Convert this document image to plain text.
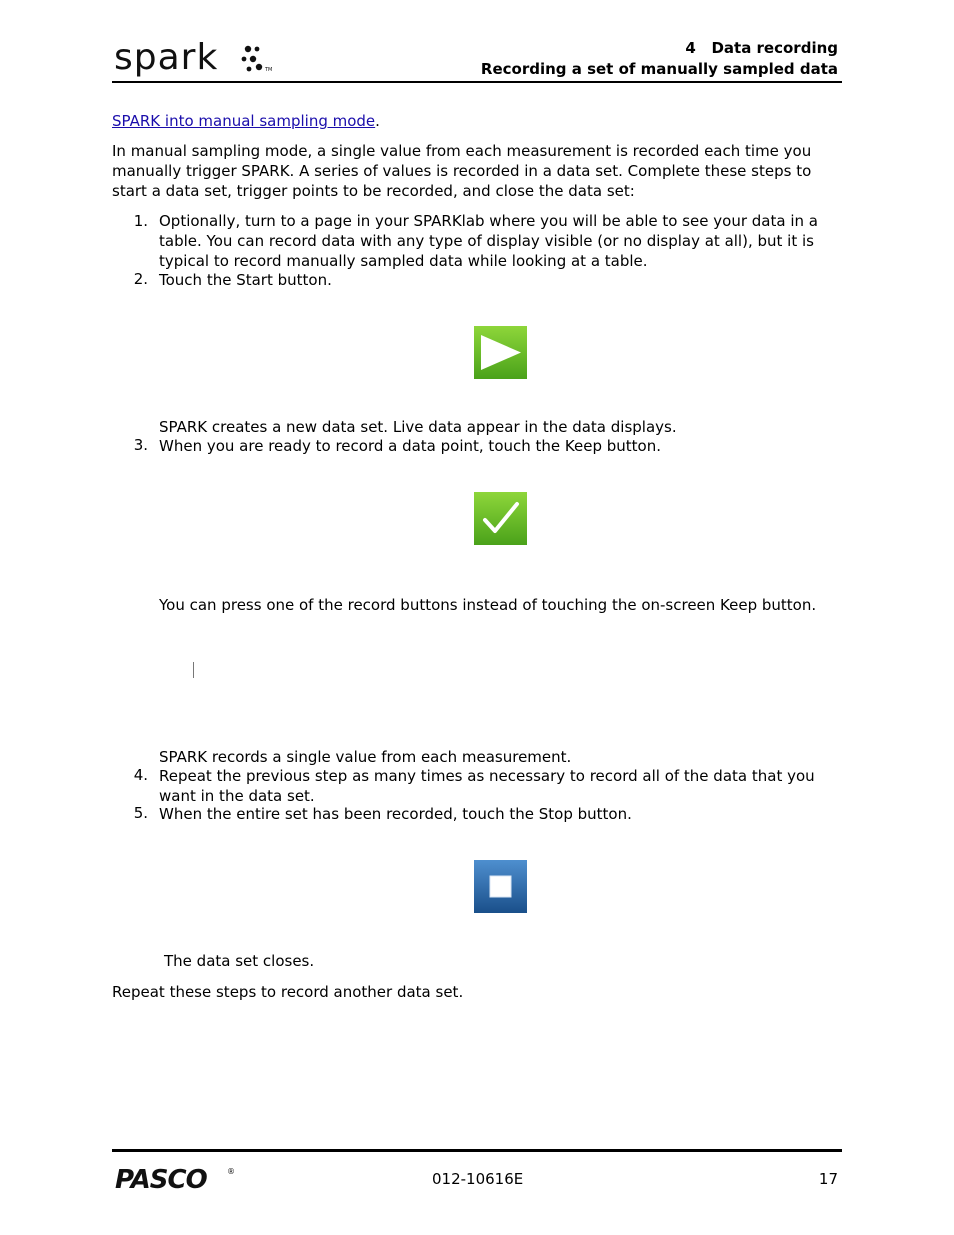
spark	TM
4   Data recording
Recording a set of manually sampled data
SPARK into manual sampling mode.
In manual sampling mode, a single value from each measurement is recorded each time you manually trigger SPARK. A series of values is recorded in a data set. Complete these steps to start a data set, trigger points to be recorded, and close the data set:
1. Optionally, turn to a page in your SPARKlab where you will be able to see your data in a table. You can record data with any type of display visible (or no display at all), but it is typical to record manually sampled data while looking at a table.
2. Touch the Start button.
SPARK creates a new data set. Live data appear in the data displays.
3. When you are ready to record a data point, touch the Keep button.
You can press one of the record buttons instead of touching the on-screen Keep button.
SPARK records a single value from each measurement.
4. Repeat the previous step as many times as necessary to record all of the data that you want in the data set.
5. When the entire set has been recorded, touch the Stop button.
The data set closes.
Repeat these steps to record another data set.
PASCO	®	012-10616E	17
